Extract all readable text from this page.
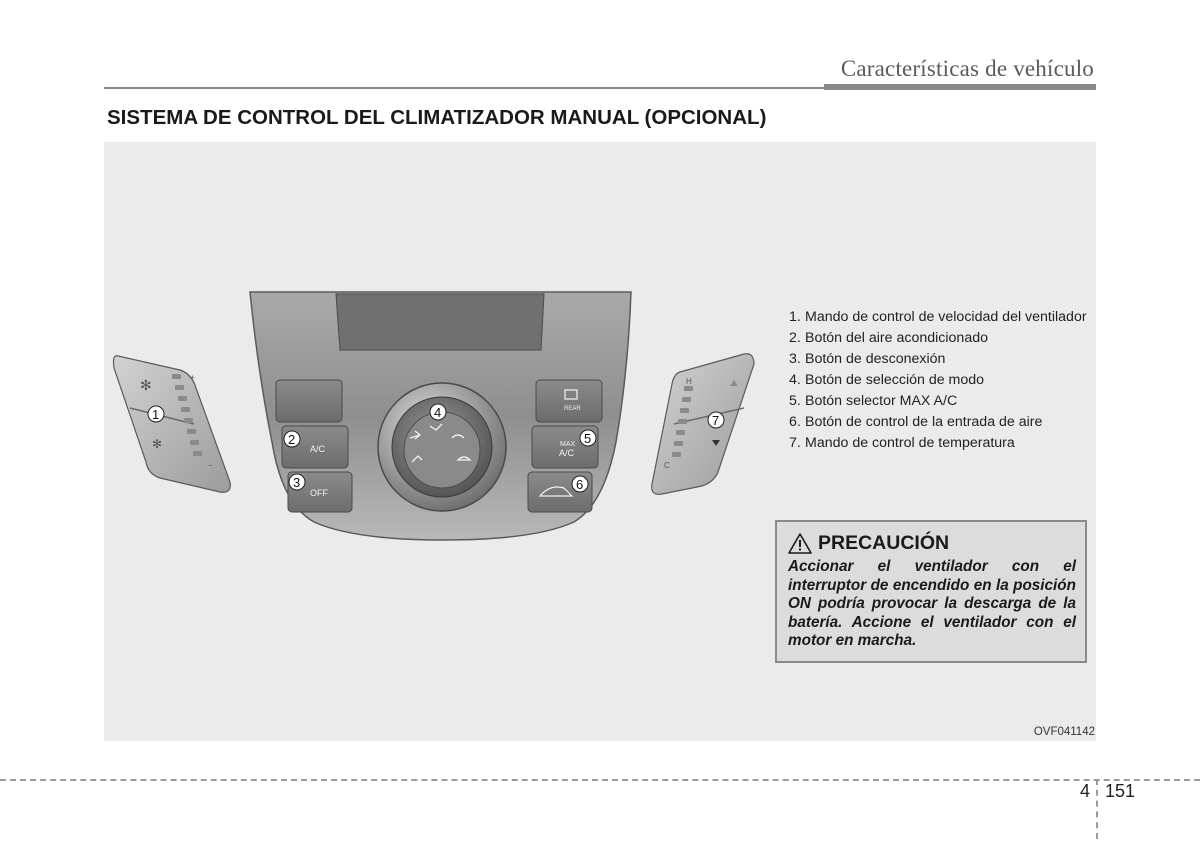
Características de vehículo
SISTEMA DE CONTROL DEL CLIMATIZADOR MANUAL (OPCIONAL)
A/C
OFF
REAR
MAX
A/C
✻
✻
+
−
H
C
1
2
3
4
5
6
7
1. Mando de control de velocidad del ventilador
2. Botón del aire acondicionado
3. Botón de desconexión
4. Botón de selección de modo
5. Botón selector MAX A/C
6. Botón de control de la entrada de aire
7. Mando de control de temperatura
PRECAUCIÓN
Accionar el ventilador con el interruptor de encendido en la posición ON podría provocar la descarga de la batería. Accione el ventilador con el motor en marcha.
OVF041142
4 151
